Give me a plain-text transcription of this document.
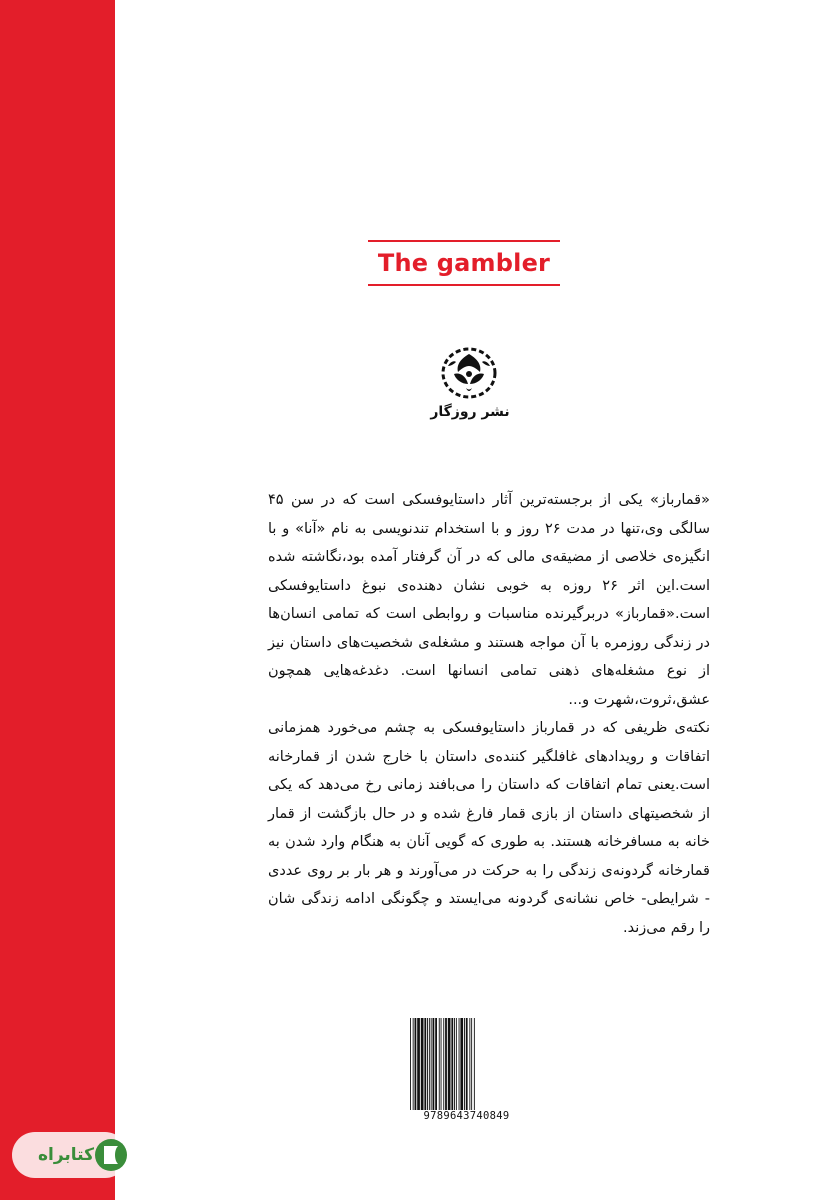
The gambler
نشر روزگار

«قمارباز» یکی از برجسته‌ترین آثار داستایوفسکی است که در سن ۴۵ سالگی وی،تنها در مدت ۲۶ روز و با استخدام تندنویسی به نام «آنا» و با انگیزه‌ی خلاصی از مضیقه‌ی مالی که در آن گرفتار آمده بود،نگاشته شده است.این اثر ۲۶ روزه به خوبی نشان دهنده‌ی نبوغ داستایوفسکی است.«قمارباز» دربرگیرنده مناسبات و روابطی است که تمامی انسان‌ها در زندگی روزمره با آن مواجه هستند و مشغله‌ی شخصیت‌های داستان نیز از نوع مشغله‌های ذهنی تمامی انسانها است. دغدغه‌هایی همچون عشق،ثروت،شهرت و...

نکته‌ی ظریفی که در قمارباز داستایوفسکی به چشم می‌خورد همزمانی اتفاقات و رویدادهای غافلگیر کننده‌ی داستان با خارج شدن از قمارخانه است.یعنی تمام اتفاقات که داستان را می‌بافند زمانی رخ می‌دهد که یکی از شخصیتهای داستان از بازی قمار فارغ شده و در حال بازگشت از قمار خانه به مسافرخانه هستند. به طوری که گویی آنان به هنگام وارد شدن به قمارخانه گردونه‌ی زندگی را به حرکت در می‌آورند و هر بار بر روی عددی - شرایطی- خاص نشانه‌ی گردونه می‌ایستد و چگونگی ادامه زندگی شان را رقم می‌زند.

9789643740849
کتابراه
